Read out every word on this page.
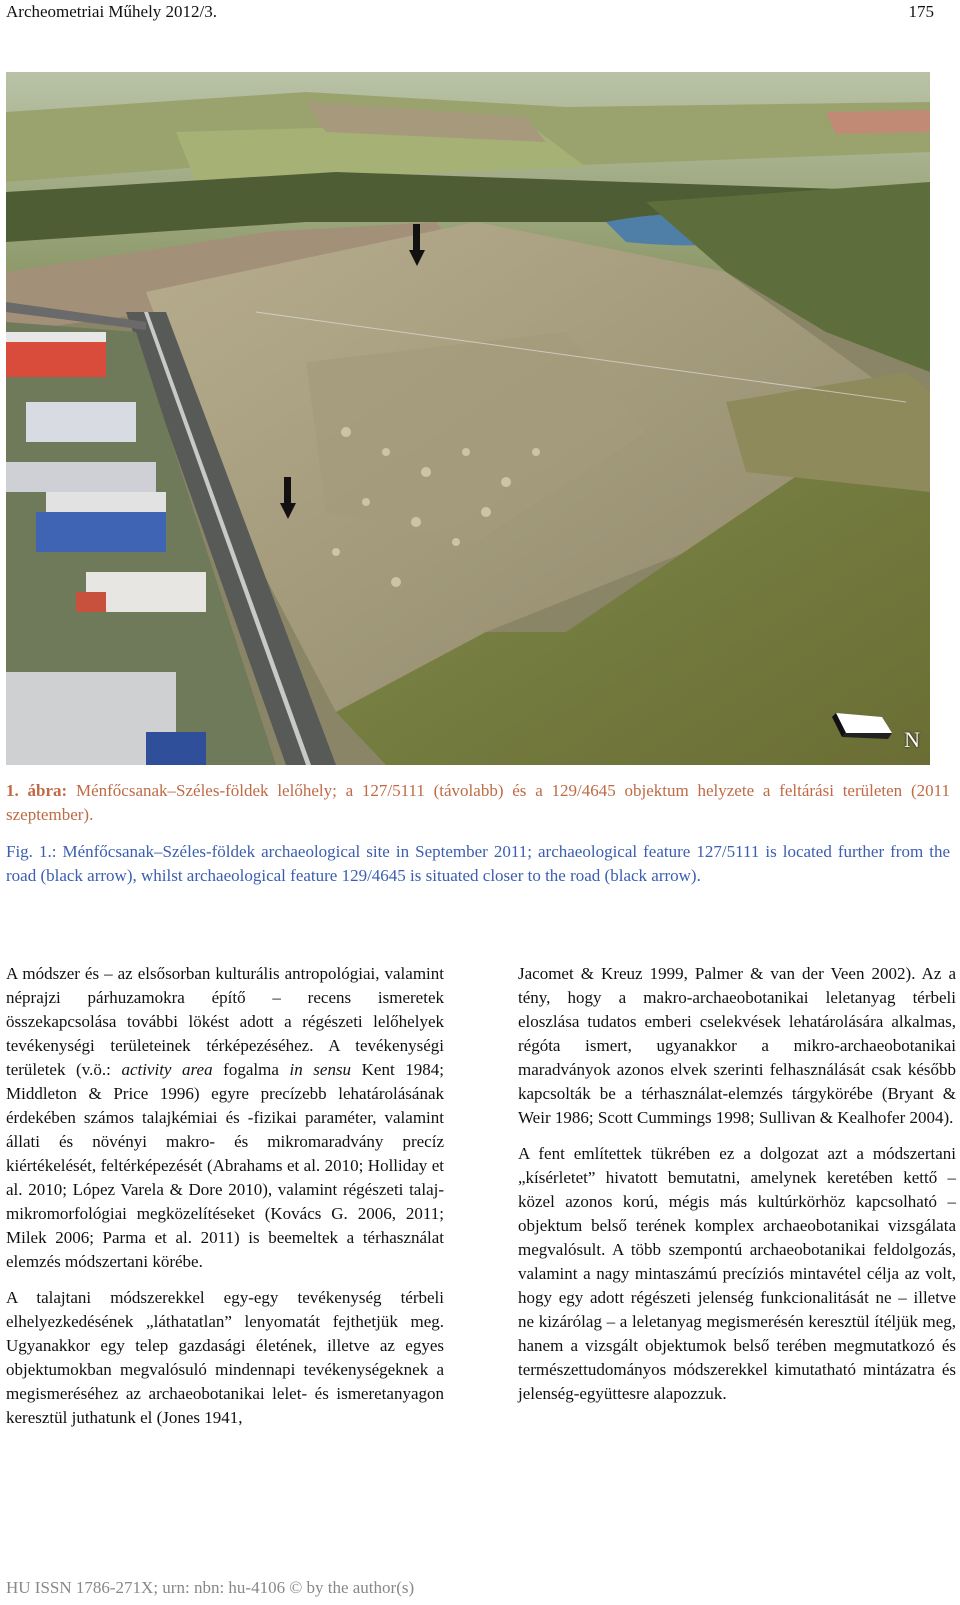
Archeometriai Műhely 2012/3.	175
N
1. ábra: Ménfőcsanak–Széles-földek lelőhely; a 127/5111 (távolabb) és a 129/4645 objektum helyzete a feltárási területen (2011 szeptember).
Fig. 1.: Ménfőcsanak–Széles-földek archaeological site in September 2011; archaeological feature 127/5111 is located further from the road (black arrow), whilst archaeological feature 129/4645 is situated closer to the road (black arrow).

A módszer és – az elsősorban kulturális antropológiai, valamint néprajzi párhuzamokra építő – recens ismeretek összekapcsolása további lökést adott a régészeti lelőhelyek tevékenységi területeinek térképezéséhez. A tevékenységi területek (v.ö.: activity area fogalma in sensu Kent 1984; Middleton & Price 1996) egyre precízebb lehatárolásának érdekében számos talajkémiai és -fizikai paraméter, valamint állati és növényi makro- és mikromaradvány precíz kiértékelését, feltérképezését (Abrahams et al. 2010; Holliday et al. 2010; López Varela & Dore 2010), valamint régészeti talaj-mikromorfológiai megközelítéseket (Kovács G. 2006, 2011; Milek 2006; Parma et al. 2011) is beemeltek a térhasználat elemzés módszertani körébe.

A talajtani módszerekkel egy-egy tevékenység térbeli elhelyezkedésének „láthatatlan” lenyomatát fejthetjük meg. Ugyanakkor egy telep gazdasági életének, illetve az egyes objektumokban megvalósuló mindennapi tevékenységeknek a megismeréséhez az archaeobotanikai lelet- és ismeretanyagon keresztül juthatunk el (Jones 1941,

Jacomet & Kreuz 1999, Palmer & van der Veen 2002). Az a tény, hogy a makro-archaeobotanikai leletanyag térbeli eloszlása tudatos emberi cselekvések lehatárolására alkalmas, régóta ismert, ugyanakkor a mikro-archaeobotanikai maradványok azonos elvek szerinti felhasználását csak később kapcsolták be a térhasználat-elemzés tárgykörébe (Bryant & Weir 1986; Scott Cummings 1998; Sullivan & Kealhofer 2004).

A fent említettek tükrében ez a dolgozat azt a módszertani „kísérletet” hivatott bemutatni, amelynek keretében kettő – közel azonos korú, mégis más kultúrkörhöz kapcsolható – objektum belső terének komplex archaeobotanikai vizsgálata megvalósult. A több szempontú archaeobotanikai feldolgozás, valamint a nagy mintaszámú precíziós mintavétel célja az volt, hogy egy adott régészeti jelenség funkcionalitását ne – illetve ne kizárólag – a leletanyag megismerésén keresztül ítéljük meg, hanem a vizsgált objektumok belső terében megmutatkozó és természettudományos módszerekkel kimutatható mintázatra és jelenség-együttesre alapozzuk.

HU ISSN 1786-271X; urn: nbn: hu-4106 © by the author(s)
